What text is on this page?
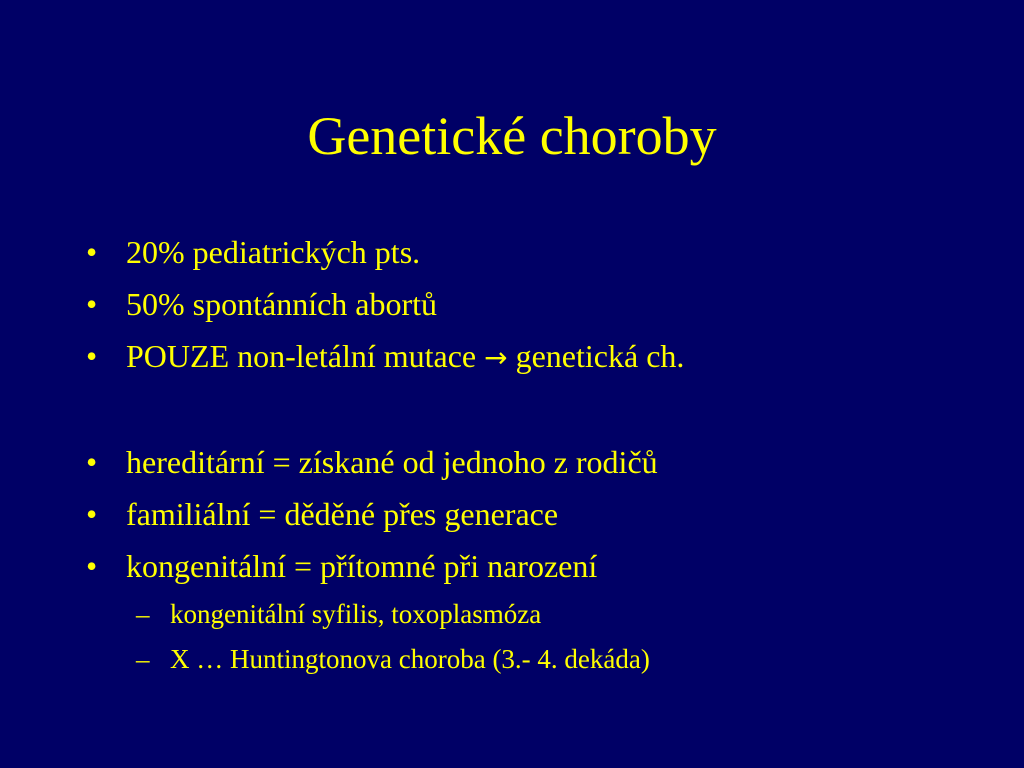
Genetické choroby
• 20% pediatrických pts.
• 50% spontánních abortů
• POUZE non-letální mutace → genetická ch.
• hereditární = získané od jednoho z rodičů
• familiální = děděné přes generace
• kongenitální = přítomné při narození
– kongenitální syfilis, toxoplasmóza
– X … Huntingtonova choroba (3.- 4. dekáda)
